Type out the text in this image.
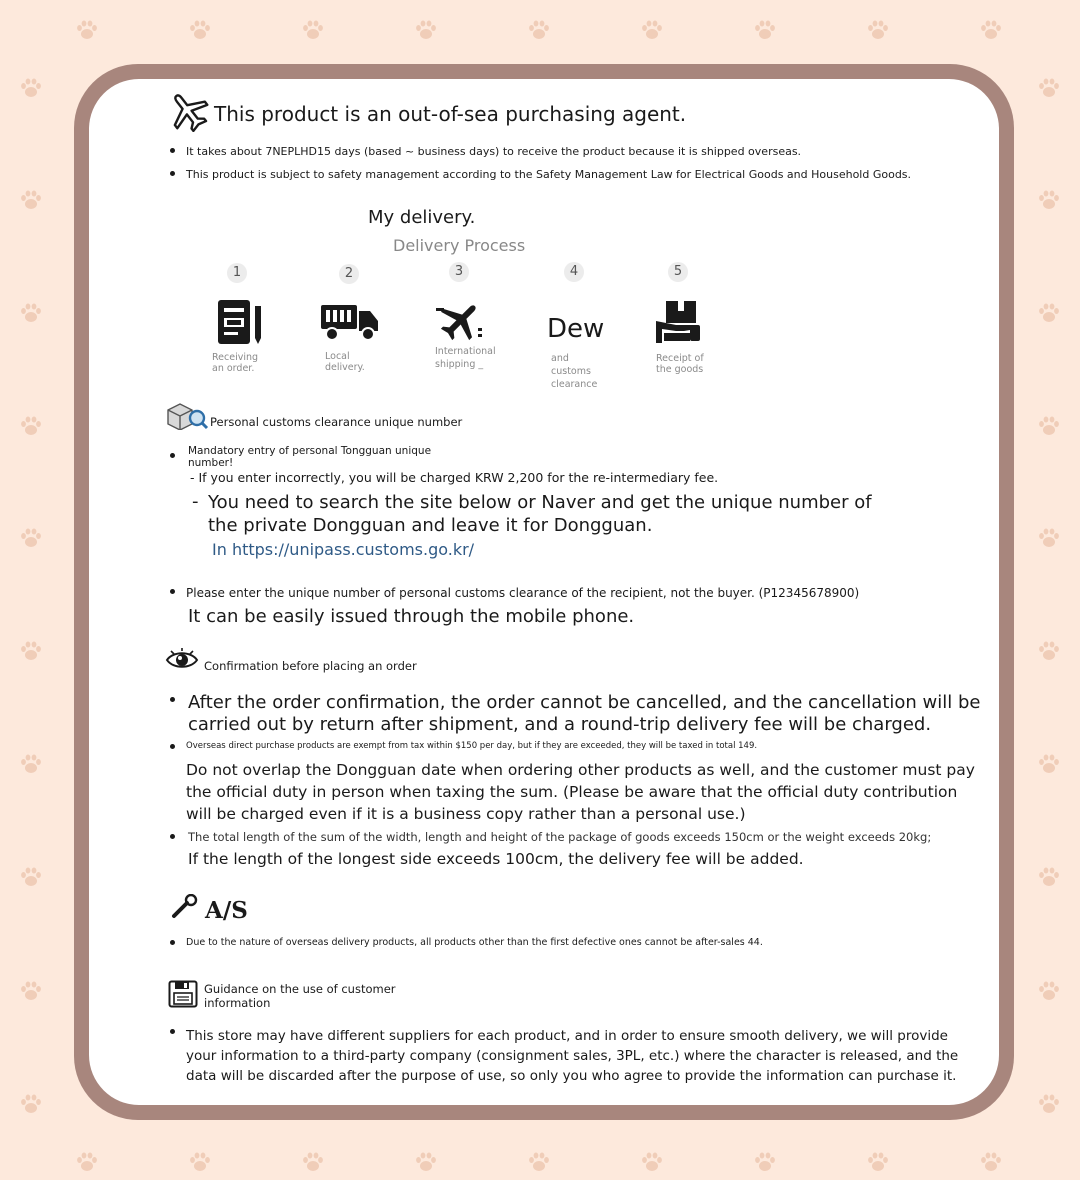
This product is an out-of-sea purchasing agent.
It takes about 7NEPLHD15 days (based ~ business days) to receive the product because it is shipped overseas.
This product is subject to safety management according to the Safety Management Law for Electrical Goods and Household Goods.
My delivery.
Delivery Process
1
Receiving
an order.
2
Local
delivery.
3
International
shipping _
4
Dew
and
customs
clearance
5
Receipt of
the goods
Personal customs clearance unique number
Mandatory entry of personal Tongguan unique
number!
- If you enter incorrectly, you will be charged KRW 2,200 for the re-intermediary fee.
- You need to search the site below or Naver and get the unique number of
the private Dongguan and leave it for Dongguan.
In https://unipass.customs.go.kr/
Please enter the unique number of personal customs clearance of the recipient, not the buyer. (P12345678900)
It can be easily issued through the mobile phone.
Confirmation before placing an order
After the order confirmation, the order cannot be cancelled, and the cancellation will be
carried out by return after shipment, and a round-trip delivery fee will be charged.
Overseas direct purchase products are exempt from tax within $150 per day, but if they are exceeded, they will be taxed in total 149.
Do not overlap the Dongguan date when ordering other products as well, and the customer must pay
the official duty in person when taxing the sum. (Please be aware that the official duty contribution
will be charged even if it is a business copy rather than a personal use.)
The total length of the sum of the width, length and height of the package of goods exceeds 150cm or the weight exceeds 20kg;
If the length of the longest side exceeds 100cm, the delivery fee will be added.
A/S
Due to the nature of overseas delivery products, all products other than the first defective ones cannot be after-sales 44.
Guidance on the use of customer
information
This store may have different suppliers for each product, and in order to ensure smooth delivery, we will provide
your information to a third-party company (consignment sales, 3PL, etc.) where the character is released, and the
data will be discarded after the purpose of use, so only you who agree to provide the information can purchase it.
